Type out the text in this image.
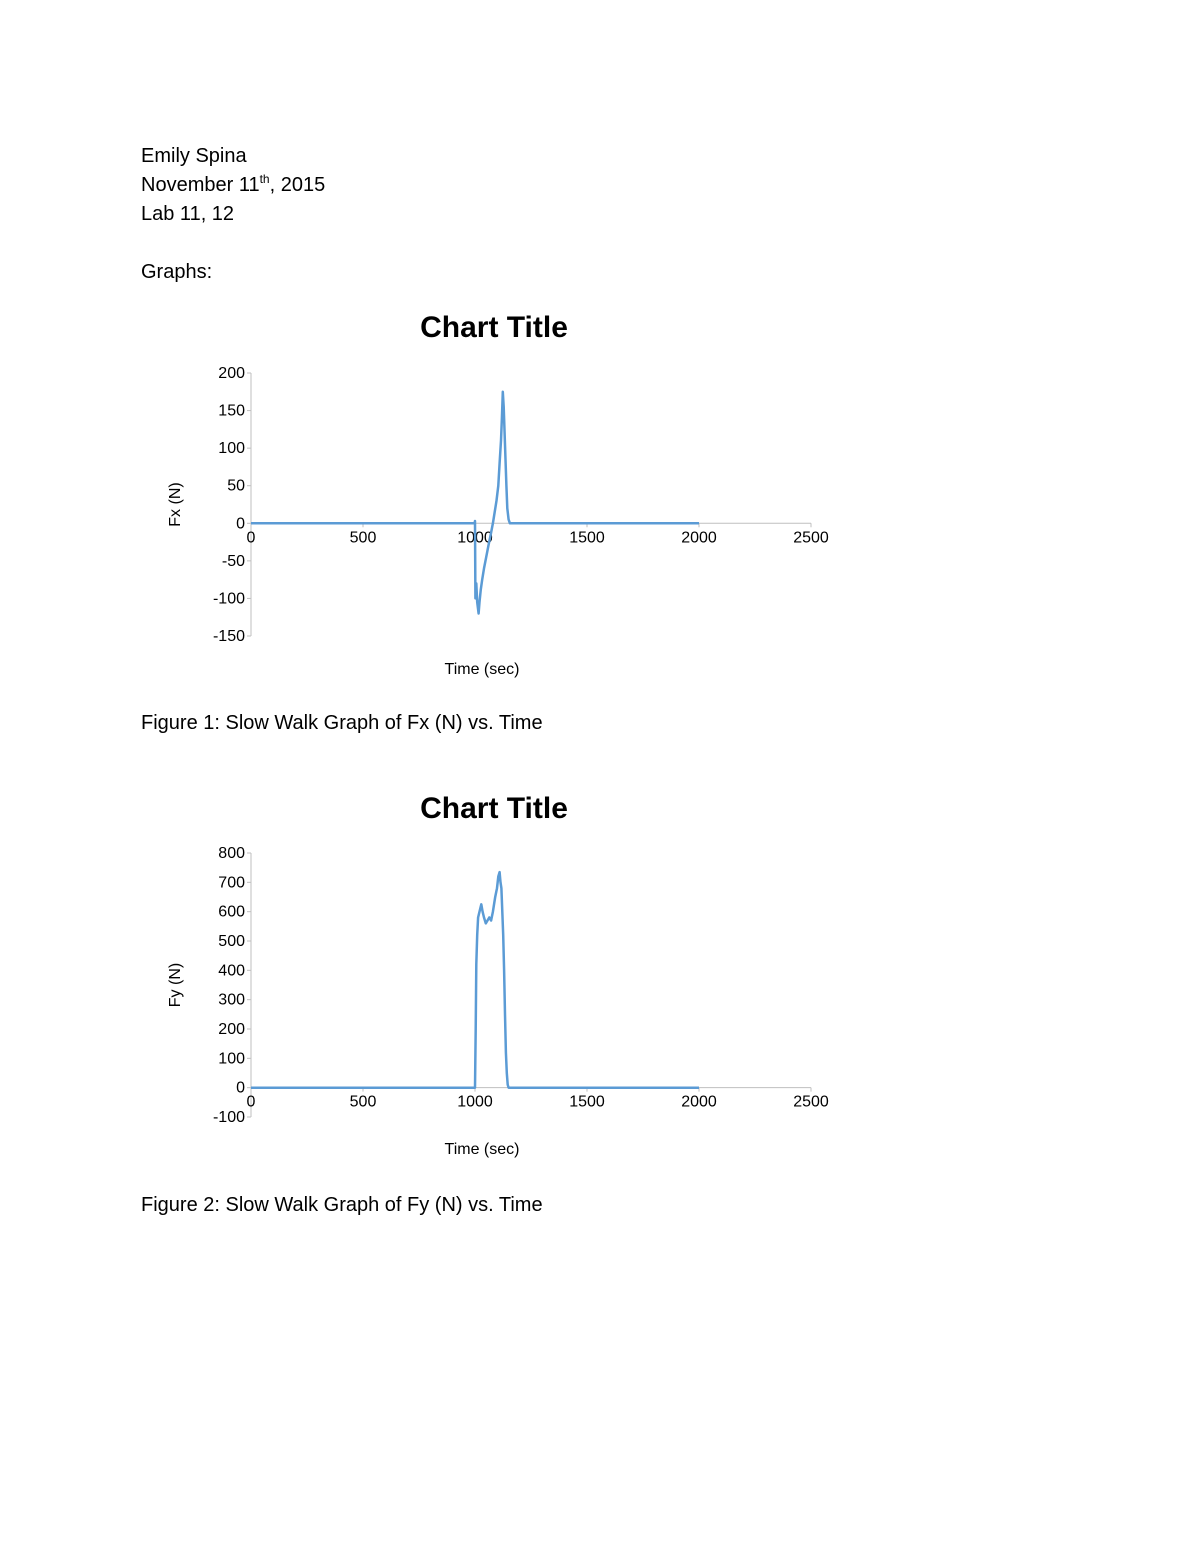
Emily Spina
November 11th, 2015
Lab 11, 12
Graphs:
Chart Title
200
150
100
50
0
-50
-100
-150
0	500	1000	1500	2000	2500
Time (sec)
Fx (N)
Figure 1: Slow Walk Graph of Fx (N) vs. Time
Chart Title
800
700
600
500
400
300
200
100
0
-100
0	500	1000	1500	2000	2500
Time (sec)
Fy (N)
Figure 2: Slow Walk Graph of Fy (N) vs. Time
